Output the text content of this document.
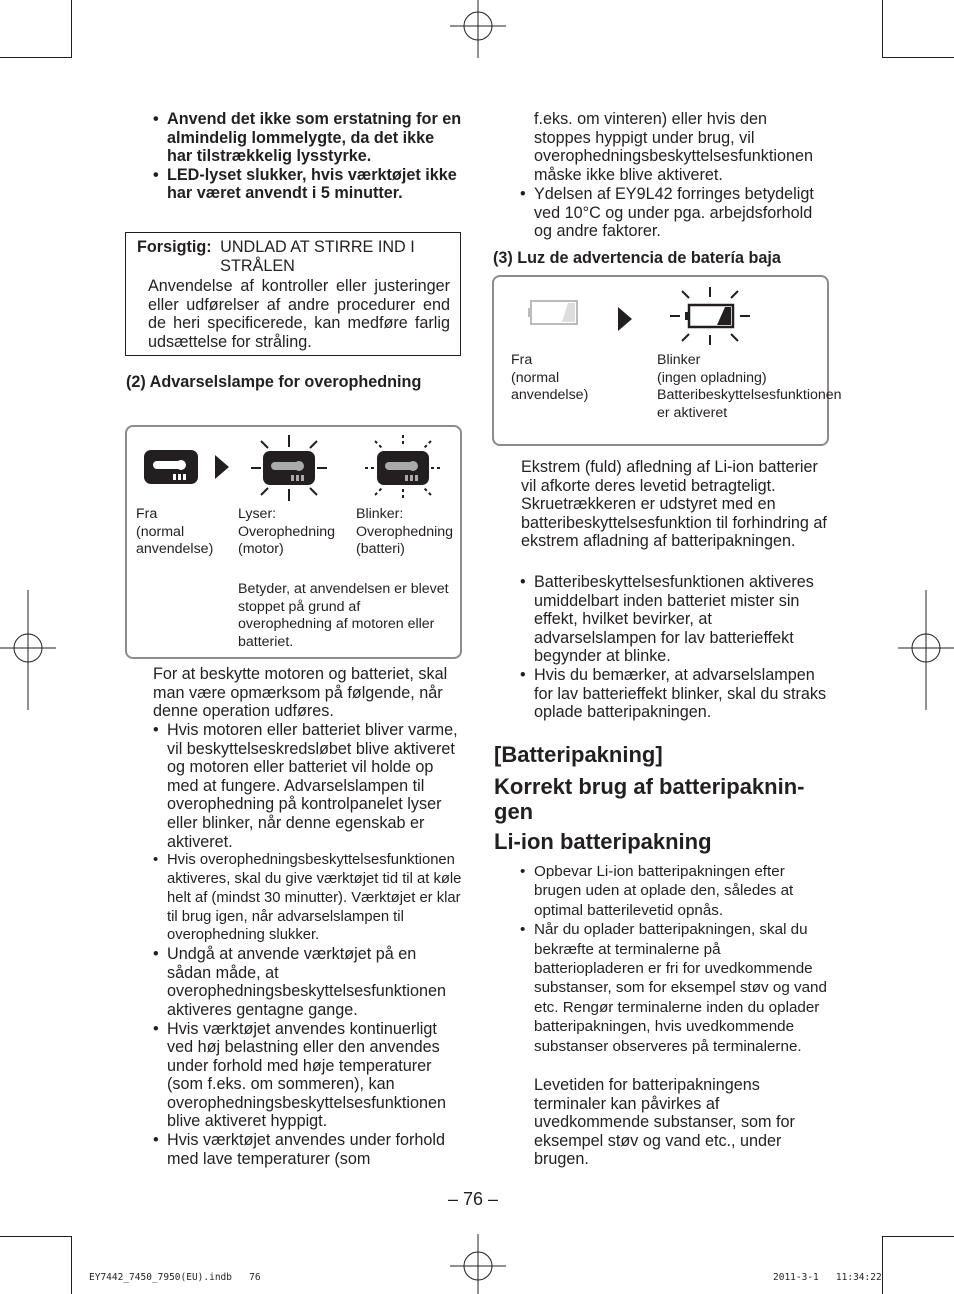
• Anvend det ikke som erstatning for en almindelig lommelygte, da det ikke har tilstrækkelig lysstyrke.
• LED-lyset slukker, hvis værktøjet ikke har været anvendt i 5 minutter.
Forsigtig: UNDLAD AT STIRRE IND I STRÅLEN
Anvendelse af kontroller eller justeringer eller udførelser af andre procedurer end de heri specificerede, kan medføre farlig udsættelse for stråling.
(2) Advarselslampe for overophedning
Fra
(normal anvendelse)
Lyser:
Overophedning
(motor)
Blinker:
Overophedning
(batteri)
Betyder, at anvendelsen er blevet stoppet på grund af overophedning af motoren eller batteriet.
For at beskytte motoren og batteriet, skal man være opmærksom på følgende, når denne operation udføres.
• Hvis motoren eller batteriet bliver varme, vil beskyttelseskredsløbet blive aktiveret og motoren eller batteriet vil holde op med at fungere. Advarselslampen til overophedning på kontrolpanelet lyser eller blinker, når denne egenskab er aktiveret.
• Hvis overophedningsbeskyttelsesfunktionen aktiveres, skal du give værktøjet tid til at køle helt af (mindst 30 minutter). Værktøjet er klar til brug igen, når advarselslampen til overophedning slukker.
• Undgå at anvende værktøjet på en sådan måde, at overophedningsbeskyttelsesfunktionen aktiveres gentagne gange.
• Hvis værktøjet anvendes kontinuerligt ved høj belastning eller den anvendes under forhold med høje temperaturer (som f.eks. om sommeren), kan overophedningsbeskyttelsesfunktionen blive aktiveret hyppigt.
• Hvis værktøjet anvendes under forhold med lave temperaturer (som
f.eks. om vinteren) eller hvis den stoppes hyppigt under brug, vil overophedningsbeskyttelsesfunktionen måske ikke blive aktiveret.
• Ydelsen af EY9L42 forringes betydeligt ved 10°C og under pga. arbejdsforhold og andre faktorer.
(3) Luz de advertencia de batería baja
Fra
(normal anvendelse)
Blinker
(ingen opladning)
Batteribeskyttelsesfunktionen er aktiveret
Ekstrem (fuld) afledning af Li-ion batterier vil afkorte deres levetid betragteligt. Skruetrækkeren er udstyret med en batteribeskyttelsesfunktion til forhindring af ekstrem afladning af batteripakningen.
• Batteribeskyttelsesfunktionen aktiveres umiddelbart inden batteriet mister sin effekt, hvilket bevirker, at advarselslampen for lav batterieffekt begynder at blinke.
• Hvis du bemærker, at advarselslampen for lav batterieffekt blinker, skal du straks oplade batteripakningen.
[Batteripakning]
Korrekt brug af batteripaknin-
gen
Li-ion batteripakning
• Opbevar Li-ion batteripakningen efter brugen uden at oplade den, således at optimal batterilevetid opnås.
• Når du oplader batteripakningen, skal du bekræfte at terminalerne på batteriopladeren er fri for uvedkommende substanser, som for eksempel støv og vand etc. Rengør terminalerne inden du oplader batteripakningen, hvis uvedkommende substanser observeres på terminalerne.
Levetiden for batteripakningens terminaler kan påvirkes af uvedkommende substanser, som for eksempel støv og vand etc., under brugen.
– 76 –
EY7442_7450_7950(EU).indb   76	2011-3-1   11:34:22
